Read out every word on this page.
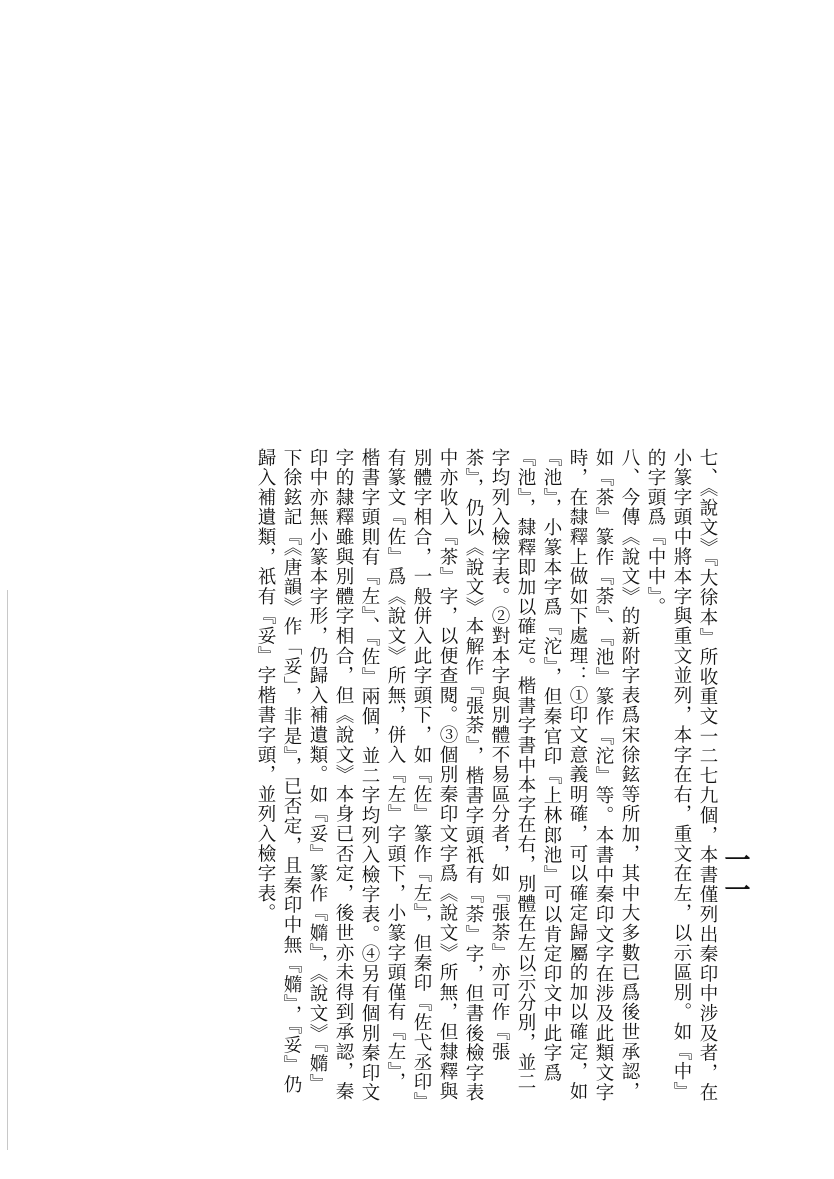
一一

七、《說文》『大徐本』所收重文一二七九個，本書僅列出秦印中涉及者，在小篆字頭中將本字與重文並列，本字在右，重文在左，以示區別。如『中』的字頭爲『中中』。

八、今傳《說文》的新附字表爲宋徐鉉等所加，其中大多數已爲後世承認，如『茶』篆作『荼』、『池』篆作『沱』等。本書中秦印文字在涉及此類文字時，在隸釋上做如下處理：①印文意義明確，可以確定歸屬的加以確定，如『池』，小篆本字爲『沱』，但秦官印『上林郎池』可以肯定印文中此字爲『池』，隸釋即加以確定。楷書字書中本字在右，別體在左以示分別，並二字均列入檢字表。②對本字與別體不易區分者，如『張荼』亦可作『張茶』，仍以《說文》本解作『張荼』，楷書字頭祇有『荼』字，但書後檢字表中亦收入『茶』字，以便查閱。③個別秦印文字爲《說文》所無，但隸釋與別體字相合，一般併入此字頭下，如『佐』篆作『左』，但秦印『佐弋丞印』有篆文『佐』爲《說文》所無，併入『左』字頭下，小篆字頭僅有『左』，楷書字頭則有『左』、『佐』兩個，並二字均列入檢字表。④另有個別秦印文字的隸釋雖與別體字相合，但《說文》本身已否定，後世亦未得到承認，秦印中亦無小篆本字形，仍歸入補遺類。如『妥』篆作『嫷』，《說文》『嫷』下徐鉉記『《唐韻》作「妥」，非是』，已否定，且秦印中無『嫷』，『妥』仍歸入補遺類，祇有『妥』字楷書字頭，並列入檢字表。
